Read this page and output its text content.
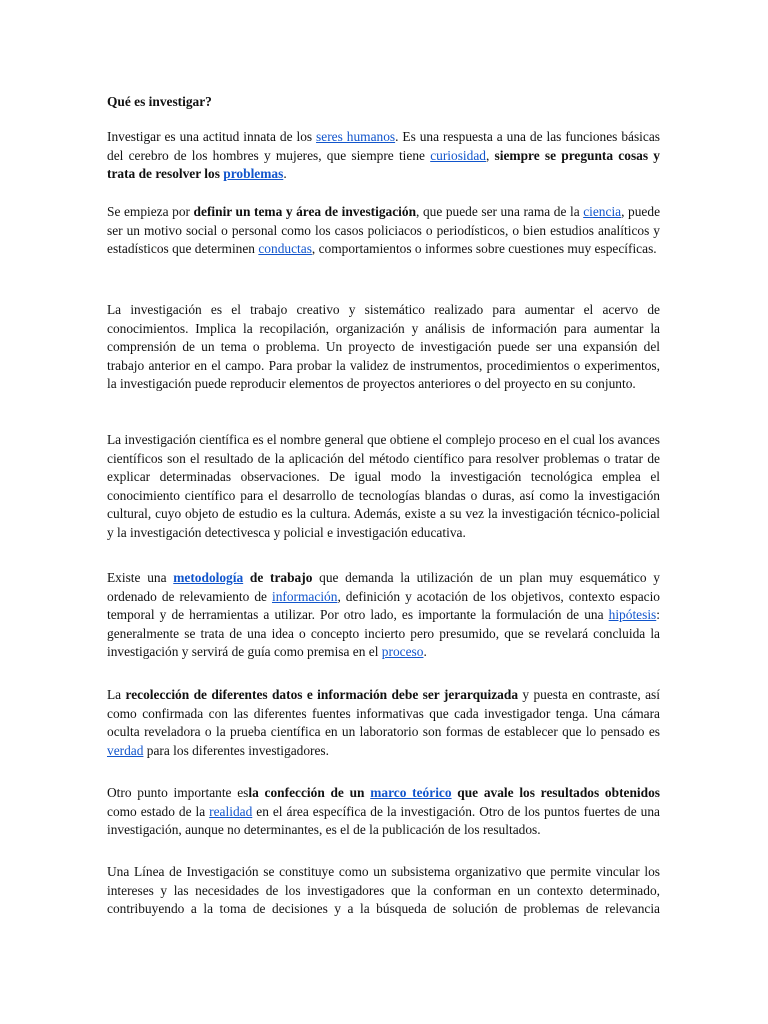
Qué es investigar?

Investigar es una actitud innata de los seres humanos. Es una respuesta a una de las funciones básicas del cerebro de los hombres y mujeres, que siempre tiene curiosidad, siempre se pregunta cosas y trata de resolver los problemas.

Se empieza por definir un tema y área de investigación, que puede ser una rama de la ciencia, puede ser un motivo social o personal como los casos policiacos o periodísticos, o bien estudios analíticos y estadísticos que determinen conductas, comportamientos o informes sobre cuestiones muy específicas.

La investigación es el trabajo creativo y sistemático realizado para aumentar el acervo de conocimientos. Implica la recopilación, organización y análisis de información para aumentar la comprensión de un tema o problema. Un proyecto de investigación puede ser una expansión del trabajo anterior en el campo. Para probar la validez de instrumentos, procedimientos o experimentos, la investigación puede reproducir elementos de proyectos anteriores o del proyecto en su conjunto.

La investigación científica es el nombre general que obtiene el complejo proceso en el cual los avances científicos son el resultado de la aplicación del método científico para resolver problemas o tratar de explicar determinadas observaciones. De igual modo la investigación tecnológica emplea el conocimiento científico para el desarrollo de tecnologías blandas o duras, así como la investigación cultural, cuyo objeto de estudio es la cultura. Además, existe a su vez la investigación técnico-policial y la investigación detectivesca y policial e investigación educativa.

Existe una metodología de trabajo que demanda la utilización de un plan muy esquemático y ordenado de relevamiento de información, definición y acotación de los objetivos, contexto espacio temporal y de herramientas a utilizar. Por otro lado, es importante la formulación de una hipótesis: generalmente se trata de una idea o concepto incierto pero presumido, que se revelará concluida la investigación y servirá de guía como premisa en el proceso.

La recolección de diferentes datos e información debe ser jerarquizada y puesta en contraste, así como confirmada con las diferentes fuentes informativas que cada investigador tenga. Una cámara oculta reveladora o la prueba científica en un laboratorio son formas de establecer que lo pensado es verdad para los diferentes investigadores.

Otro punto importante esla confección de un marco teórico que avale los resultados obtenidos como estado de la realidad en el área específica de la investigación. Otro de los puntos fuertes de una investigación, aunque no determinantes, es el de la publicación de los resultados.

Una Línea de Investigación se constituye como un subsistema organizativo que permite vincular los intereses y las necesidades de los investigadores que la conforman en un contexto determinado, contribuyendo a la toma de decisiones y a la búsqueda de solución de problemas de relevancia
